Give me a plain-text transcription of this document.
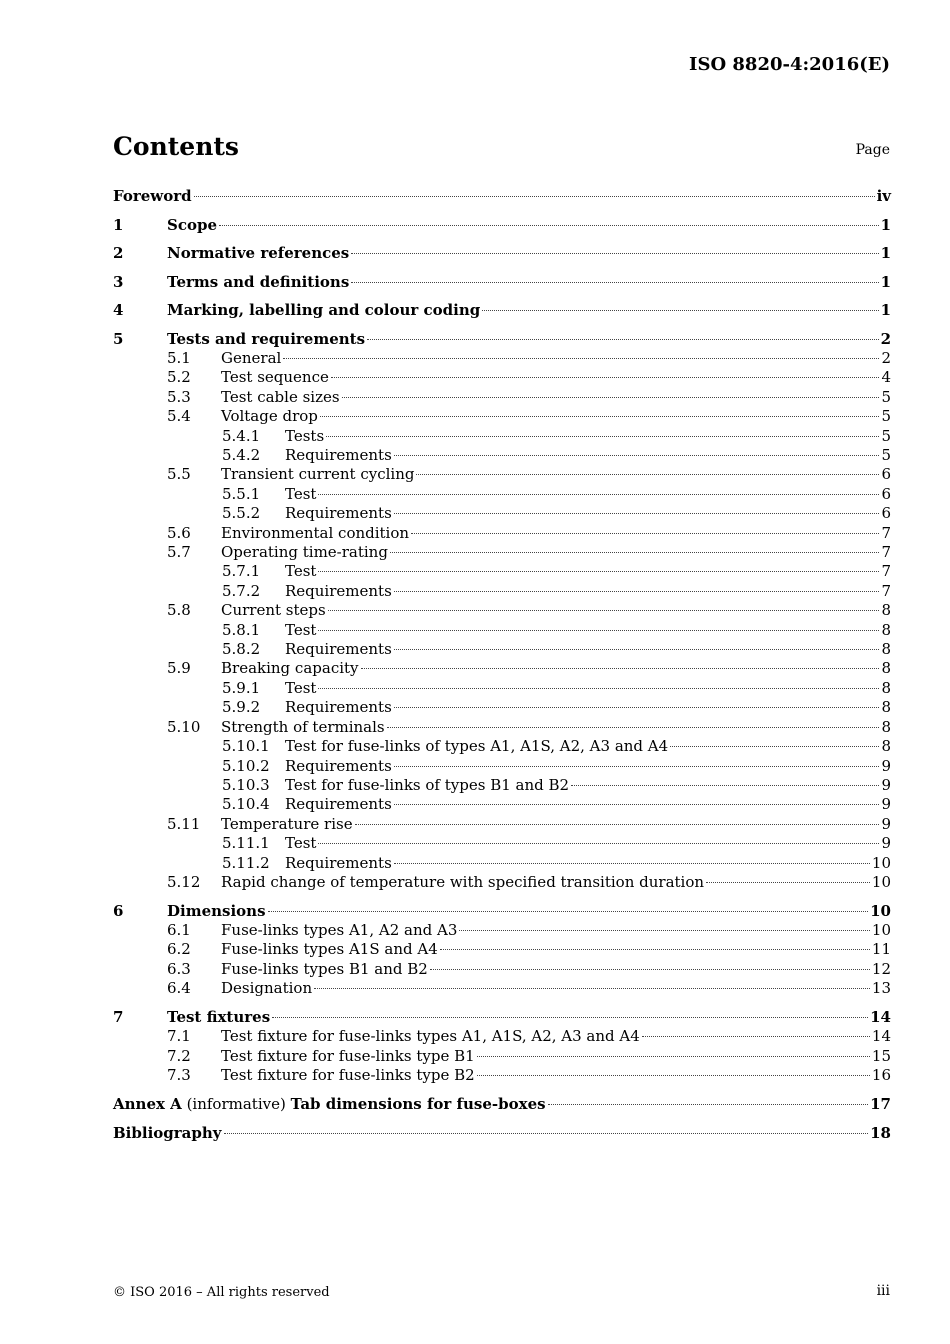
ISO 8820-4:2016(E)
Contents	Page
Foreword	iv
1	Scope	1
2	Normative references	1
3	Terms and definitions	1
4	Marking, labelling and colour coding	1
5	Tests and requirements	2
5.1	General	2
5.2	Test sequence	4
5.3	Test cable sizes	5
5.4	Voltage drop	5
5.4.1	Tests	5
5.4.2	Requirements	5
5.5	Transient current cycling	6
5.5.1	Test	6
5.5.2	Requirements	6
5.6	Environmental condition	7
5.7	Operating time-rating	7
5.7.1	Test	7
5.7.2	Requirements	7
5.8	Current steps	8
5.8.1	Test	8
5.8.2	Requirements	8
5.9	Breaking capacity	8
5.9.1	Test	8
5.9.2	Requirements	8
5.10	Strength of terminals	8
5.10.1	Test for fuse-links of types A1, A1S, A2, A3 and A4	8
5.10.2	Requirements	9
5.10.3	Test for fuse-links of types B1 and B2	9
5.10.4	Requirements	9
5.11	Temperature rise	9
5.11.1	Test	9
5.11.2	Requirements	10
5.12	Rapid change of temperature with specified transition duration	10
6	Dimensions	10
6.1	Fuse-links types A1, A2 and A3	10
6.2	Fuse-links types A1S and A4	11
6.3	Fuse-links types B1 and B2	12
6.4	Designation	13
7	Test fixtures	14
7.1	Test fixture for fuse-links types A1, A1S, A2, A3 and A4	14
7.2	Test fixture for fuse-links type B1	15
7.3	Test fixture for fuse-links type B2	16
Annex A (informative) Tab dimensions for fuse-boxes	17
Bibliography	18
© ISO 2016 – All rights reserved	iii
